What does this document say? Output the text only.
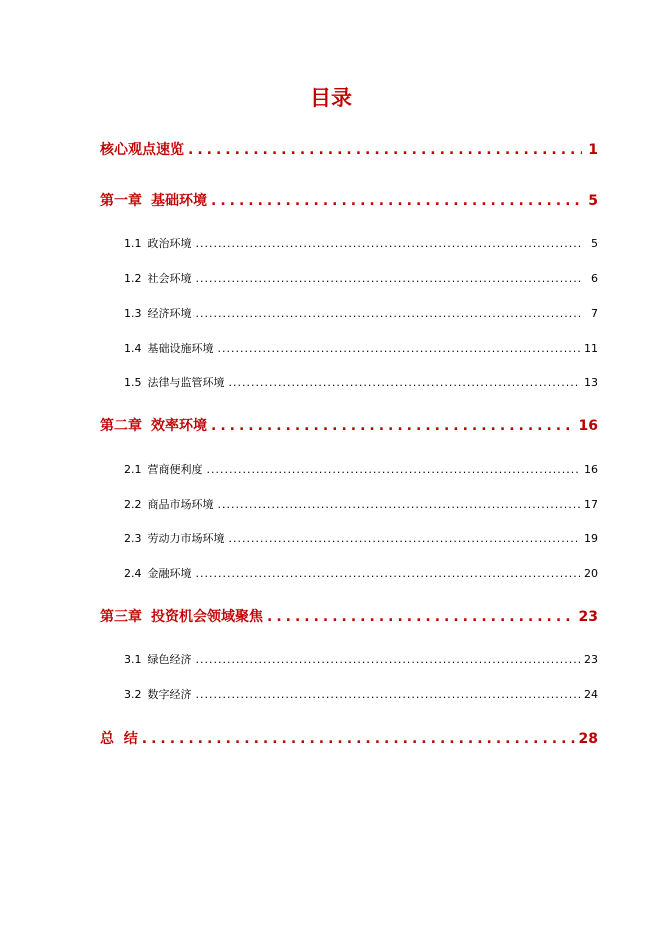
目录
核心观点速览 .....	1
第一章 基础环境 .....	5
1.1 政治环境 .....	5
1.2 社会环境 .....	6
1.3 经济环境 .....	7
1.4 基础设施环境 .....	11
1.5 法律与监管环境 .....	13
第二章 效率环境 .....	16
2.1 营商便利度 .....	16
2.2 商品市场环境 .....	17
2.3 劳动力市场环境 .....	19
2.4 金融环境 .....	20
第三章 投资机会领域聚焦 .....	23
3.1 绿色经济 .....	23
3.2 数字经济 .....	24
总  结 .....	28
